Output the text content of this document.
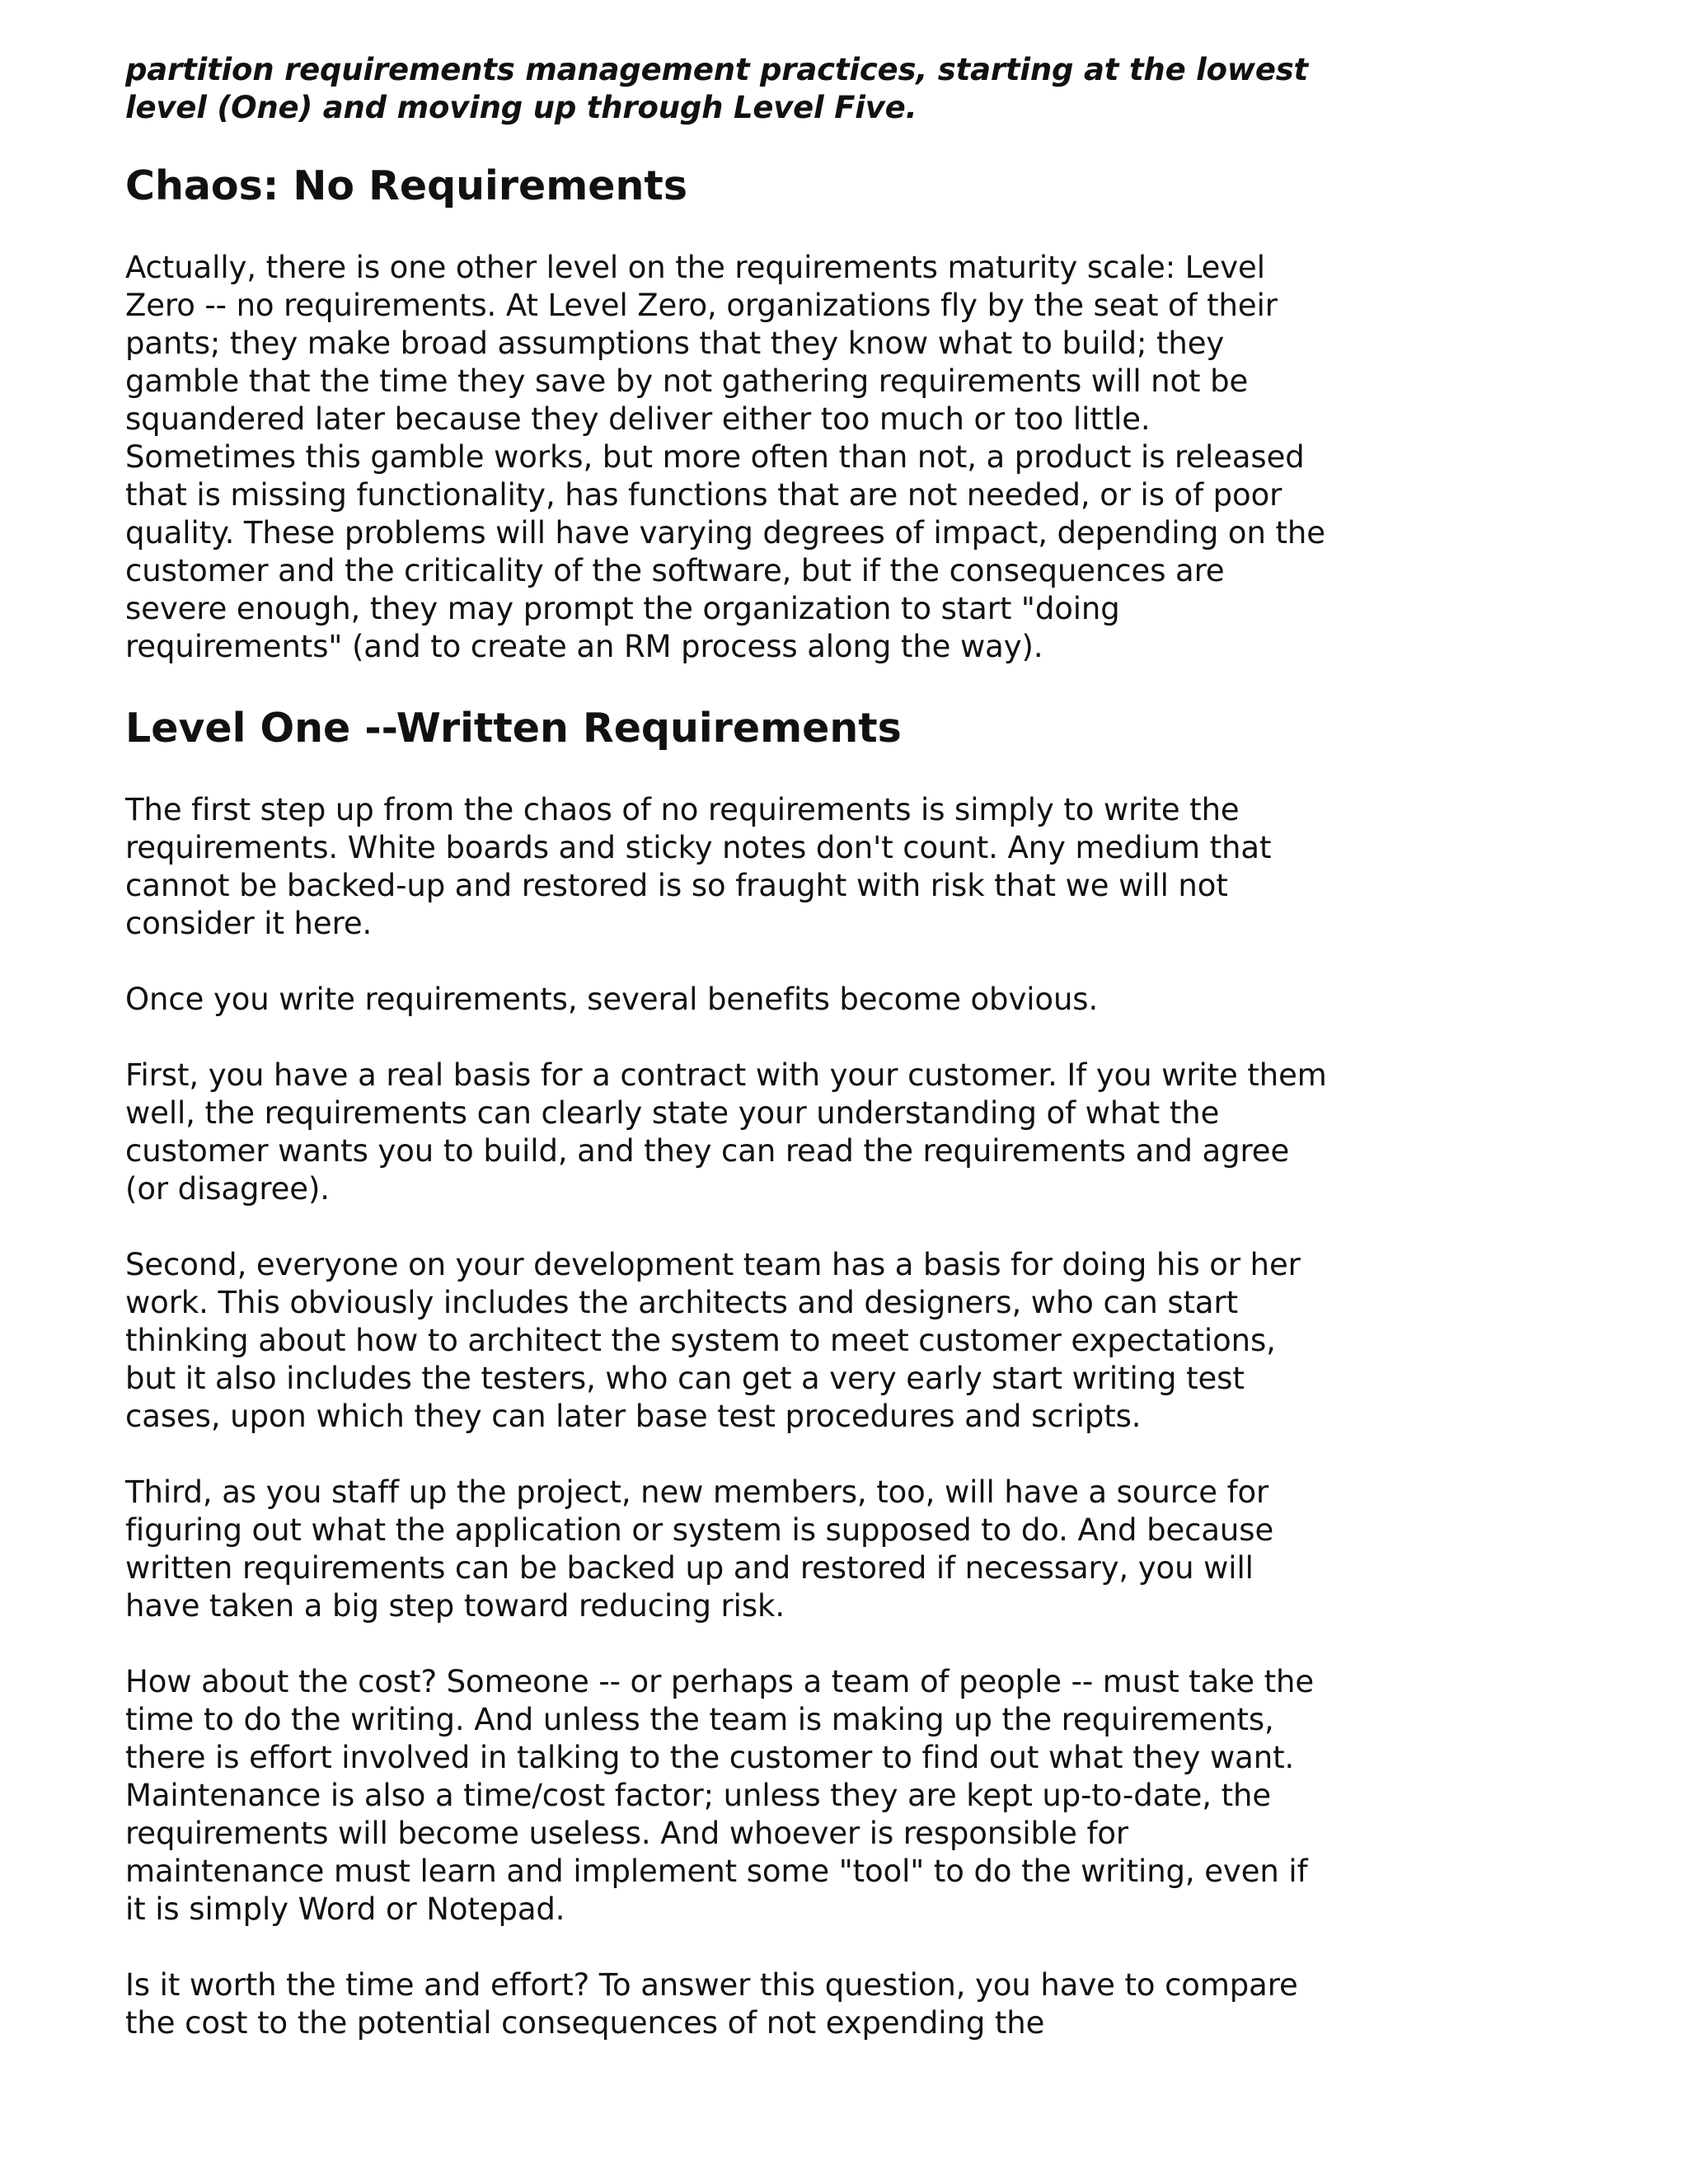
partition requirements management practices, starting at the lowest level (One) and moving up through Level Five.

Chaos: No Requirements

Actually, there is one other level on the requirements maturity scale: Level Zero -- no requirements. At Level Zero, organizations fly by the seat of their pants; they make broad assumptions that they know what to build; they gamble that the time they save by not gathering requirements will not be squandered later because they deliver either too much or too little. Sometimes this gamble works, but more often than not, a product is released that is missing functionality, has functions that are not needed, or is of poor quality. These problems will have varying degrees of impact, depending on the customer and the criticality of the software, but if the consequences are severe enough, they may prompt the organization to start "doing requirements" (and to create an RM process along the way).

Level One --Written Requirements

The first step up from the chaos of no requirements is simply to write the requirements. White boards and sticky notes don't count. Any medium that cannot be backed-up and restored is so fraught with risk that we will not consider it here.

Once you write requirements, several benefits become obvious.

First, you have a real basis for a contract with your customer. If you write them well, the requirements can clearly state your understanding of what the customer wants you to build, and they can read the requirements and agree (or disagree).

Second, everyone on your development team has a basis for doing his or her work. This obviously includes the architects and designers, who can start thinking about how to architect the system to meet customer expectations, but it also includes the testers, who can get a very early start writing test cases, upon which they can later base test procedures and scripts.

Third, as you staff up the project, new members, too, will have a source for figuring out what the application or system is supposed to do. And because written requirements can be backed up and restored if necessary, you will have taken a big step toward reducing risk.

How about the cost? Someone -- or perhaps a team of people -- must take the time to do the writing. And unless the team is making up the requirements, there is effort involved in talking to the customer to find out what they want. Maintenance is also a time/cost factor; unless they are kept up-to-date, the requirements will become useless. And whoever is responsible for maintenance must learn and implement some "tool" to do the writing, even if it is simply Word or Notepad.

Is it worth the time and effort? To answer this question, you have to compare the cost to the potential consequences of not expending the
